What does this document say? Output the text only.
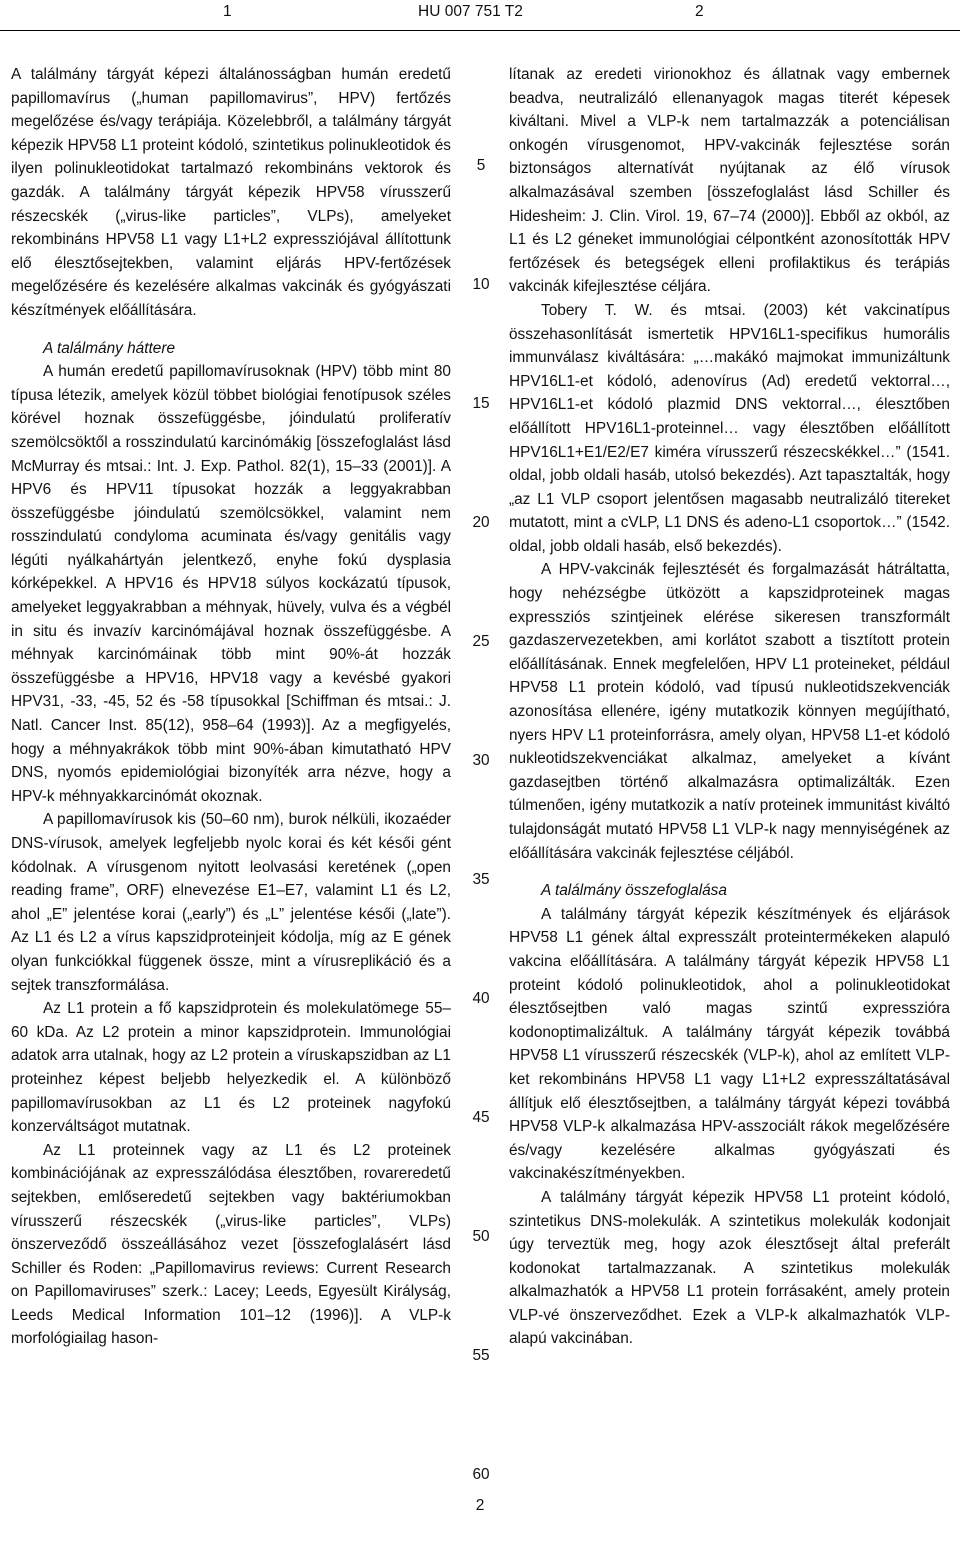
1	HU 007 751 T2	2

A találmány tárgyát képezi általánosságban humán eredetű papillomavírus („human papillomavirus”, HPV) fertőzés megelőzése és/vagy terápiája. Közelebbről, a találmány tárgyát képezik HPV58 L1 proteint kódoló, szintetikus polinukleotidok és ilyen polinukleotidokat tartalmazó rekombináns vektorok és gazdák. A találmány tárgyát képezik HPV58 vírusszerű részecskék („virus-like particles”, VLPs), amelyeket rekombináns HPV58 L1 vagy L1+L2 expressziójával állítottunk elő élesztősejtekben, valamint eljárás HPV-fertőzések megelőzésére és kezelésére alkalmas vakcinák és gyógyászati készítmények előállítására.

A találmány háttere

A humán eredetű papillomavírusoknak (HPV) több mint 80 típusa létezik, amelyek közül többet biológiai fenotípusok széles körével hoznak összefüggésbe, jóindulatú proliferatív szemölcsöktől a rosszindulatú karcinómákig [összefoglalást lásd McMurray és mtsai.: Int. J. Exp. Pathol. 82(1), 15–33 (2001)]. A HPV6 és HPV11 típusokat hozzák a leggyakrabban összefüggésbe jóindulatú szemölcsökkel, valamint nem rosszindulatú condyloma acuminata és/vagy genitális vagy légúti nyálkahártyán jelentkező, enyhe fokú dysplasia kórképekkel. A HPV16 és HPV18 súlyos kockázatú típusok, amelyeket leggyakrabban a méhnyak, hüvely, vulva és a végbél in situ és invazív karcinómájával hoznak összefüggésbe. A méhnyak karcinómáinak több mint 90%-át hozzák összefüggésbe a HPV16, HPV18 vagy a kevésbé gyakori HPV31, -33, -45, 52 és -58 típusokkal [Schiffman és mtsai.: J. Natl. Cancer Inst. 85(12), 958–64 (1993)]. Az a megfigyelés, hogy a méhnyakrákok több mint 90%-ában kimutatható HPV DNS, nyomós epidemiológiai bizonyíték arra nézve, hogy a HPV-k méhnyakkarcinómát okoznak.

A papillomavírusok kis (50–60 nm), burok nélküli, ikozaéder DNS-vírusok, amelyek legfeljebb nyolc korai és két késői gént kódolnak. A vírusgenom nyitott leolvasási keretének („open reading frame”, ORF) elnevezése E1–E7, valamint L1 és L2, ahol „E” jelentése korai („early”) és „L” jelentése késői („late”). Az L1 és L2 a vírus kapszidproteinjeit kódolja, míg az E gének olyan funkciókkal függenek össze, mint a vírusreplikáció és a sejtek transzformálása.

Az L1 protein a fő kapszidprotein és molekulatömege 55–60 kDa. Az L2 protein a minor kapszidprotein. Immunológiai adatok arra utalnak, hogy az L2 protein a víruskapszidban az L1 proteinhez képest beljebb helyezkedik el. A különböző papillomavírusokban az L1 és L2 proteinek nagyfokú konzerváltságot mutatnak.

Az L1 proteinnek vagy az L1 és L2 proteinek kombinációjának az expresszálódása élesztőben, rovareredetű sejtekben, emlőseredetű sejtekben vagy baktériumokban vírusszerű részecskék („virus-like particles”, VLPs) önszerveződő összeállásához vezet [összefoglalásért lásd Schiller és Roden: „Papillomavirus reviews: Current Research on Papillomaviruses” szerk.: Lacey; Leeds, Egyesült Királyság, Leeds Medical Information 101–12 (1996)]. A VLP-k morfológiailag hason-

lítanak az eredeti virionokhoz és állatnak vagy embernek beadva, neutralizáló ellenanyagok magas titerét képesek kiváltani. Mivel a VLP-k nem tartalmazzák a potenciálisan onkogén vírusgenomot, HPV-vakcinák fejlesztése során biztonságos alternatívát nyújtanak az élő vírusok alkalmazásával szemben [összefoglalást lásd Schiller és Hidesheim: J. Clin. Virol. 19, 67–74 (2000)]. Ebből az okból, az L1 és L2 géneket immunológiai célpontként azonosították HPV fertőzések és betegségek elleni profilaktikus és terápiás vakcinák kifejlesztése céljára.

Tobery T. W. és mtsai. (2003) két vakcinatípus összehasonlítását ismertetik HPV16L1-specifikus humorális immunválasz kiváltására: „…makákó majmokat immunizáltunk HPV16L1-et kódoló, adenovírus (Ad) eredetű vektorral…, HPV16L1-et kódoló plazmid DNS vektorral…, élesztőben előállított HPV16L1-proteinnel… vagy élesztőben előállított HPV16L1+E1/E2/E7 kiméra vírusszerű részecskékkel…” (1541. oldal, jobb oldali hasáb, utolsó bekezdés). Azt tapasztalták, hogy „az L1 VLP csoport jelentősen magasabb neutralizáló titereket mutatott, mint a cVLP, L1 DNS és adeno-L1 csoportok…” (1542. oldal, jobb oldali hasáb, első bekezdés).

A HPV-vakcinák fejlesztését és forgalmazását hátráltatta, hogy nehézségbe ütközött a kapszidproteinek magas expressziós szintjeinek elérése sikeresen transzformált gazdaszervezetekben, ami korlátot szabott a tisztított protein előállításának. Ennek megfelelően, HPV L1 proteineket, például HPV58 L1 protein kódoló, vad típusú nukleotidszekvenciák azonosítása ellenére, igény mutatkozik könnyen megújítható, nyers HPV L1 proteinforrásra, amely olyan, HPV58 L1-et kódoló nukleotidszekvenciákat alkalmaz, amelyeket a kívánt gazdasejtben történő alkalmazásra optimalizálták. Ezen túlmenően, igény mutatkozik a natív proteinek immunitást kiváltó tulajdonságát mutató HPV58 L1 VLP-k nagy mennyiségének az előállítására vakcinák fejlesztése céljából.

A találmány összefoglalása

A találmány tárgyát képezik készítmények és eljárások HPV58 L1 gének által expresszált proteintermékeken alapuló vakcina előállítására. A találmány tárgyát képezik HPV58 L1 proteint kódoló polinukleotidok, ahol a polinukleotidokat élesztősejtben való magas szintű expresszióra kodonoptimalizáltuk. A találmány tárgyát képezik továbbá HPV58 L1 vírusszerű részecskék (VLP-k), ahol az említett VLP-ket rekombináns HPV58 L1 vagy L1+L2 expresszáltatásával állítjuk elő élesztősejtben, a találmány tárgyát képezi továbbá HPV58 VLP-k alkalmazása HPV-asszociált rákok megelőzésére és/vagy kezelésére alkalmas gyógyászati és vakcinakészítményekben.

A találmány tárgyát képezik HPV58 L1 proteint kódoló, szintetikus DNS-molekulák. A szintetikus molekulák kodonjait úgy terveztük meg, hogy azok élesztősejt által preferált kodonokat tartalmazzanak. A szintetikus molekulák alkalmazhatók a HPV58 L1 protein forrásaként, amely protein VLP-vé önszerveződhet. Ezek a VLP-k alkalmazhatók VLP-alapú vakcinában.

5
10
15
20
25
30
35
40
45
50
55
60
2
